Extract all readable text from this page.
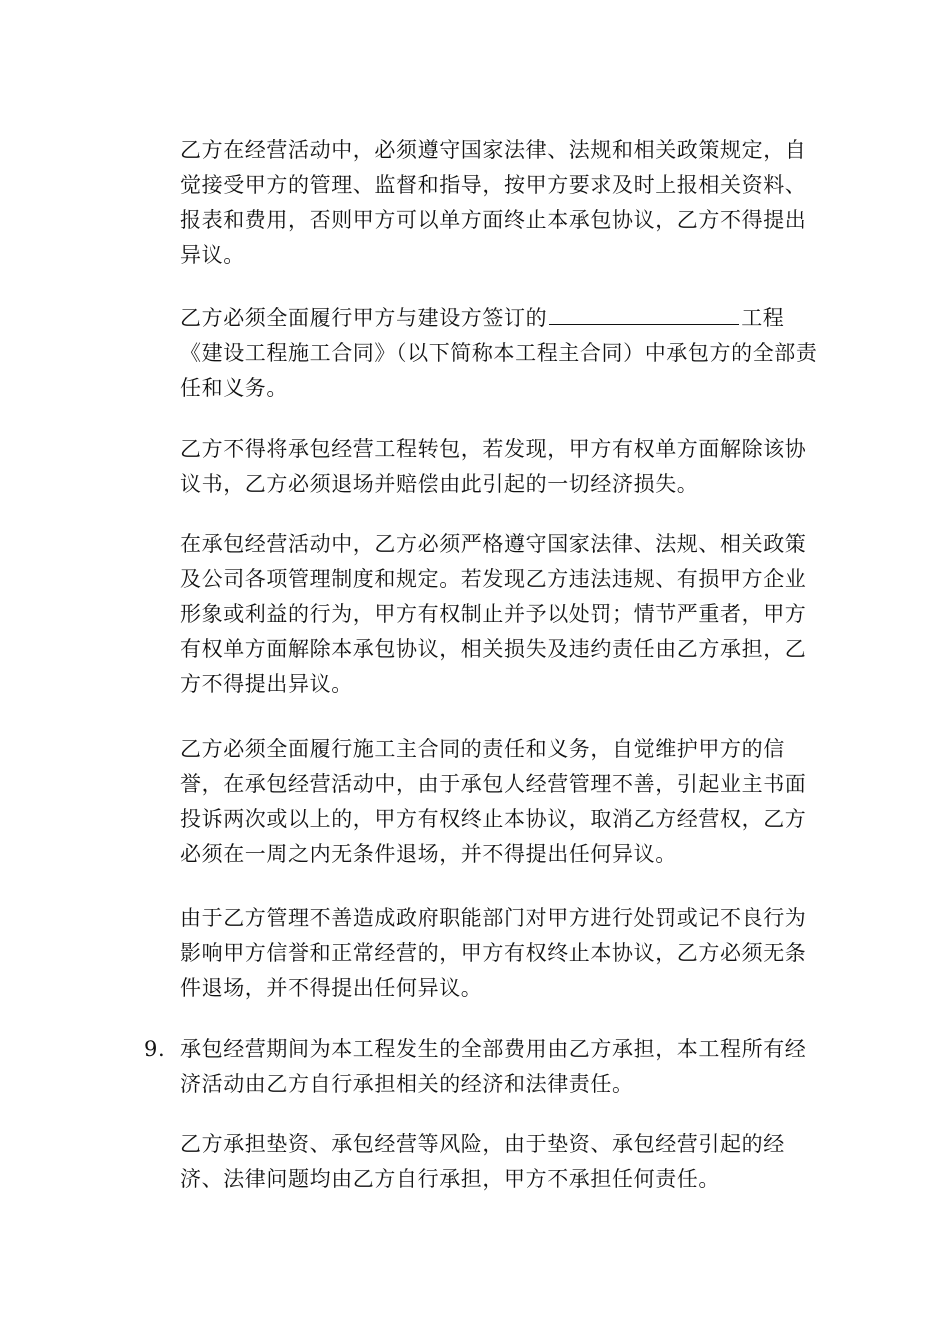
乙方在经营活动中，必须遵守国家法律、法规和相关政策规定，自觉接受甲方的管理、监督和指导，按甲方要求及时上报相关资料、报表和费用，否则甲方可以单方面终止本承包协议，乙方不得提出异议。

乙方必须全面履行甲方与建设方签订的	工程《建设工程施工合同》（以下简称本工程主合同）中承包方的全部责任和义务。

乙方不得将承包经营工程转包，若发现，甲方有权单方面解除该协议书，乙方必须退场并赔偿由此引起的一切经济损失。

在承包经营活动中，乙方必须严格遵守国家法律、法规、相关政策及公司各项管理制度和规定。若发现乙方违法违规、有损甲方企业形象或利益的行为，甲方有权制止并予以处罚；情节严重者，甲方有权单方面解除本承包协议，相关损失及违约责任由乙方承担，乙方不得提出异议。

乙方必须全面履行施工主合同的责任和义务，自觉维护甲方的信誉，在承包经营活动中，由于承包人经营管理不善，引起业主书面投诉两次或以上的，甲方有权终止本协议，取消乙方经营权，乙方必须在一周之内无条件退场，并不得提出任何异议。

由于乙方管理不善造成政府职能部门对甲方进行处罚或记不良行为影响甲方信誉和正常经营的，甲方有权终止本协议，乙方必须无条件退场，并不得提出任何异议。

9. 承包经营期间为本工程发生的全部费用由乙方承担，本工程所有经济活动由乙方自行承担相关的经济和法律责任。

乙方承担垫资、承包经营等风险，由于垫资、承包经营引起的经济、法律问题均由乙方自行承担，甲方不承担任何责任。
